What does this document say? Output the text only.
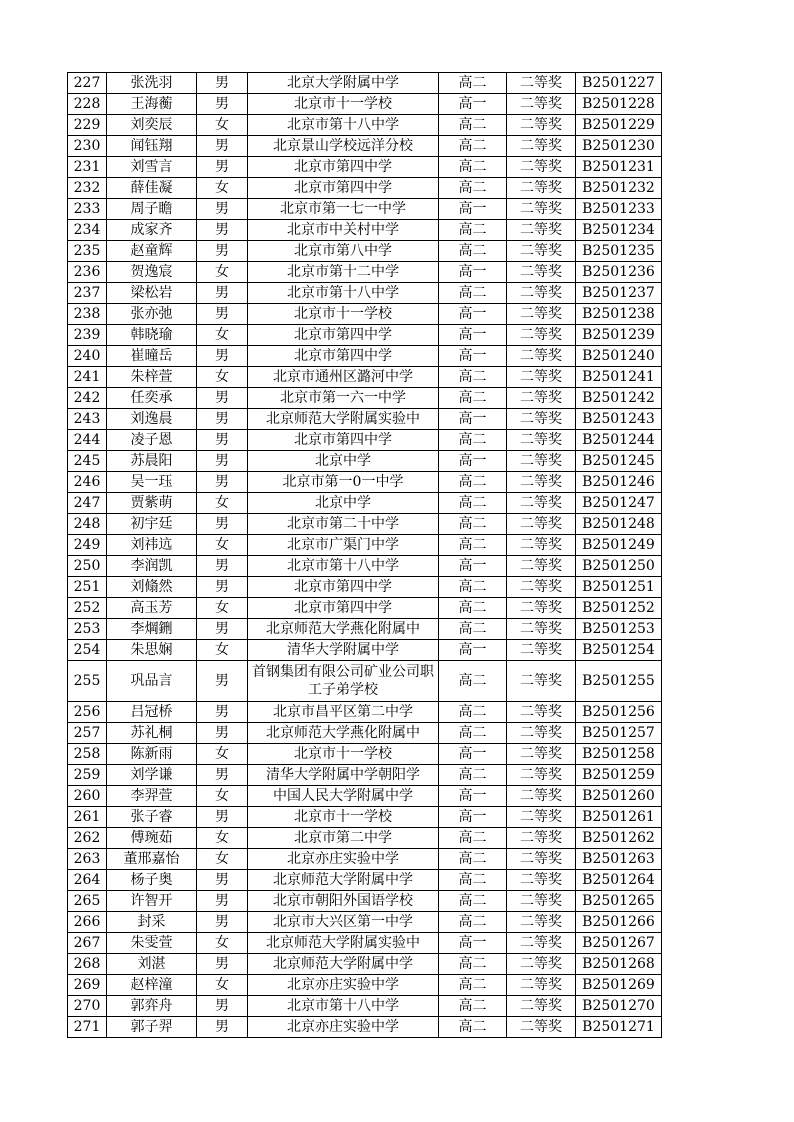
227	张洗羽	男	北京大学附属中学	高二	二等奖	B2501227
228	王海蘅	男	北京市十一学校	高一	二等奖	B2501228
229	刘奕辰	女	北京市第十八中学	高二	二等奖	B2501229
230	闻钰翔	男	北京景山学校远洋分校	高二	二等奖	B2501230
231	刘雪言	男	北京市第四中学	高二	二等奖	B2501231
232	薛佳凝	女	北京市第四中学	高二	二等奖	B2501232
233	周子瞻	男	北京市第一七一中学	高一	二等奖	B2501233
234	成家齐	男	北京市中关村中学	高二	二等奖	B2501234
235	赵童辉	男	北京市第八中学	高二	二等奖	B2501235
236	贺逸宸	女	北京市第十二中学	高一	二等奖	B2501236
237	梁松岩	男	北京市第十八中学	高二	二等奖	B2501237
238	张亦弛	男	北京市十一学校	高一	二等奖	B2501238
239	韩晓瑜	女	北京市第四中学	高一	二等奖	B2501239
240	崔曈岳	男	北京市第四中学	高一	二等奖	B2501240
241	朱梓萱	女	北京市通州区潞河中学	高二	二等奖	B2501241
242	任奕承	男	北京市第一六一中学	高二	二等奖	B2501242
243	刘逸晨	男	北京师范大学附属实验中	高一	二等奖	B2501243
244	凌子恩	男	北京市第四中学	高二	二等奖	B2501244
245	苏晨阳	男	北京中学	高一	二等奖	B2501245
246	吴一珏	男	北京市第一0一中学	高二	二等奖	B2501246
247	贾紫萌	女	北京中学	高二	二等奖	B2501247
248	初宇廷	男	北京市第二十中学	高二	二等奖	B2501248
249	刘祎迒	女	北京市广渠门中学	高二	二等奖	B2501249
250	李润凯	男	北京市第十八中学	高一	二等奖	B2501250
251	刘翛然	男	北京市第四中学	高二	二等奖	B2501251
252	高玉芳	女	北京市第四中学	高二	二等奖	B2501252
253	李焵鉶	男	北京师范大学燕化附属中	高二	二等奖	B2501253
254	朱思娴	女	清华大学附属中学	高一	二等奖	B2501254
255	巩品言	男	首钢集团有限公司矿业公司职工子弟学校	高二	二等奖	B2501255
256	吕冠桥	男	北京市昌平区第二中学	高二	二等奖	B2501256
257	苏礼桐	男	北京师范大学燕化附属中	高二	二等奖	B2501257
258	陈新雨	女	北京市十一学校	高一	二等奖	B2501258
259	刘学谦	男	清华大学附属中学朝阳学	高二	二等奖	B2501259
260	李羿萱	女	中国人民大学附属中学	高一	二等奖	B2501260
261	张子睿	男	北京市十一学校	高一	二等奖	B2501261
262	傅琬茹	女	北京市第二中学	高二	二等奖	B2501262
263	董邢嘉怡	女	北京亦庄实验中学	高二	二等奖	B2501263
264	杨子奥	男	北京师范大学附属中学	高二	二等奖	B2501264
265	许智开	男	北京市朝阳外国语学校	高二	二等奖	B2501265
266	封采	男	北京市大兴区第一中学	高二	二等奖	B2501266
267	朱雯萱	女	北京师范大学附属实验中	高一	二等奖	B2501267
268	刘湛	男	北京师范大学附属中学	高二	二等奖	B2501268
269	赵梓潼	女	北京亦庄实验中学	高二	二等奖	B2501269
270	郭弈舟	男	北京市第十八中学	高二	二等奖	B2501270
271	郭子羿	男	北京亦庄实验中学	高二	二等奖	B2501271
